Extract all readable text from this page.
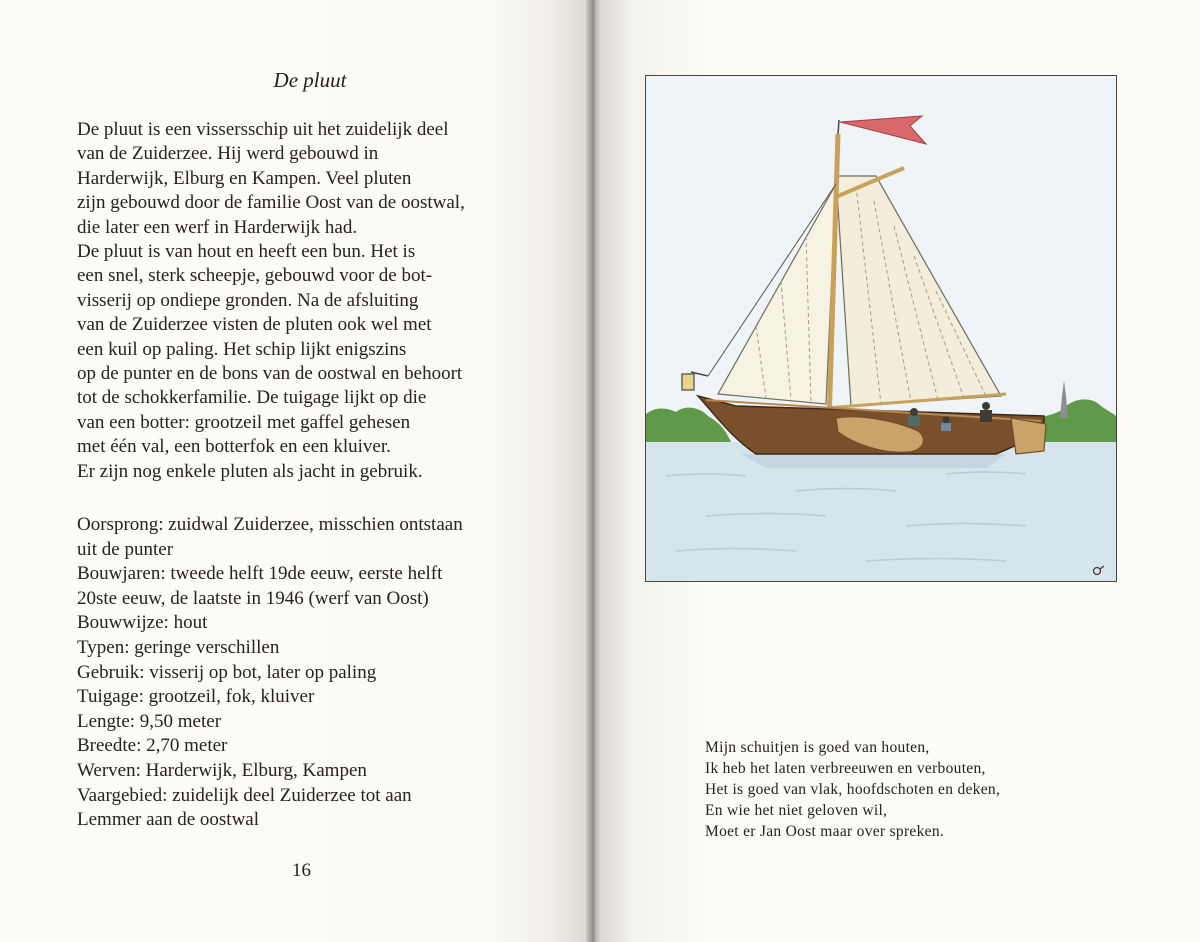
De pluut
De pluut is een vissersschip uit het zuidelijk deel
van de Zuiderzee. Hij werd gebouwd in
Harderwijk, Elburg en Kampen. Veel pluten
zijn gebouwd door de familie Oost van de oostwal,
die later een werf in Harderwijk had.
De pluut is van hout en heeft een bun. Het is
een snel, sterk scheepje, gebouwd voor de bot-
visserij op ondiepe gronden. Na de afsluiting
van de Zuiderzee visten de pluten ook wel met
een kuil op paling. Het schip lijkt enigszins
op de punter en de bons van de oostwal en behoort
tot de schokkerfamilie. De tuigage lijkt op die
van een botter: grootzeil met gaffel gehesen
met één val, een botterfok en een kluiver.
Er zijn nog enkele pluten als jacht in gebruik.
Oorsprong: zuidwal Zuiderzee, misschien ontstaan
uit de punter
Bouwjaren: tweede helft 19de eeuw, eerste helft
20ste eeuw, de laatste in 1946 (werf van Oost)
Bouwwijze: hout
Typen: geringe verschillen
Gebruik: visserij op bot, later op paling
Tuigage: grootzeil, fok, kluiver
Lengte: 9,50 meter
Breedte: 2,70 meter
Werven: Harderwijk, Elburg, Kampen
Vaargebied: zuidelijk deel Zuiderzee tot aan
Lemmer aan de oostwal
16
Mijn schuitjen is goed van houten,
Ik heb het laten verbreeuwen en verbouten,
Het is goed van vlak, hoofdschoten en deken,
En wie het niet geloven wil,
Moet er Jan Oost maar over spreken.
